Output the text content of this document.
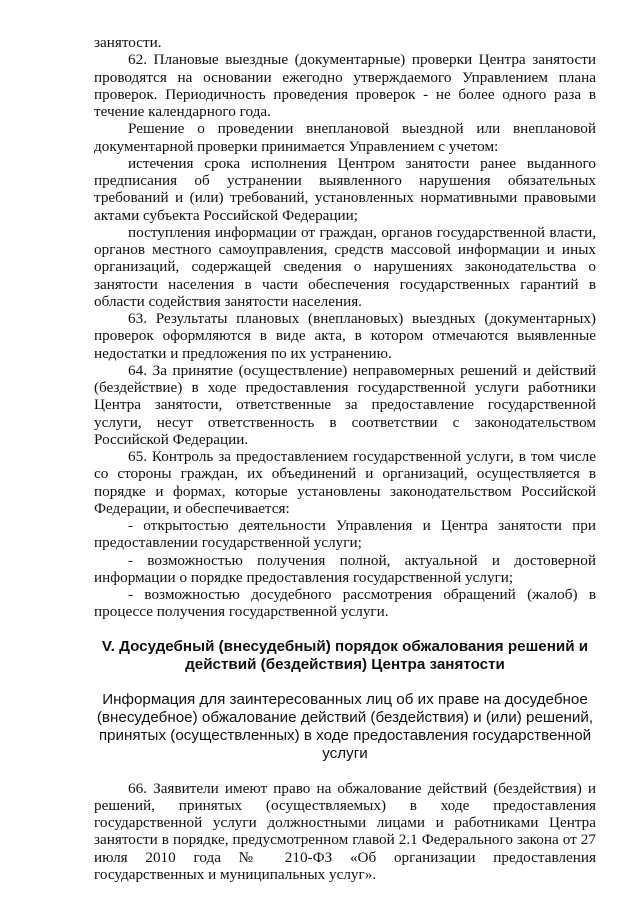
занятости.

62. Плановые выездные (документарные) проверки Центра занятости проводятся на основании ежегодно утверждаемого Управлением плана проверок. Периодичность проведения проверок - не более одного раза в течение календарного года.

Решение о проведении внеплановой выездной или внеплановой документарной проверки принимается Управлением с учетом:

истечения срока исполнения Центром занятости ранее выданного предписания об устранении выявленного нарушения обязательных требований и (или) требований, установленных нормативными правовыми актами субъекта Российской Федерации;

поступления информации от граждан, органов государственной власти, органов местного самоуправления, средств массовой информации и иных организаций, содержащей сведения о нарушениях законодательства о занятости населения в части обеспечения государственных гарантий в области содействия занятости населения.

63. Результаты плановых (внеплановых) выездных (документарных) проверок оформляются в виде акта, в котором отмечаются выявленные недостатки и предложения по их устранению.

64. За принятие (осуществление) неправомерных решений и действий (бездействие) в ходе предоставления государственной услуги работники Центра занятости, ответственные за предоставление государственной услуги, несут ответственность в соответствии с законодательством Российской Федерации.

65. Контроль за предоставлением государственной услуги, в том числе со стороны граждан, их объединений и организаций, осуществляется в порядке и формах, которые установлены законодательством Российской Федерации, и обеспечивается:

- открытостью деятельности Управления и Центра занятости при предоставлении государственной услуги;

- возможностью получения полной, актуальной и достоверной информации о порядке предоставления государственной услуги;

- возможностью досудебного рассмотрения обращений (жалоб) в процессе получения государственной услуги.

V. Досудебный (внесудебный) порядок обжалования решений и действий (бездействия) Центра занятости

Информация для заинтересованных лиц об их праве на досудебное (внесудебное) обжалование действий (бездействия) и (или) решений, принятых (осуществленных) в ходе предоставления государственной услуги

66. Заявители имеют право на обжалование действий (бездействия) и решений, принятых (осуществляемых) в ходе предоставления государственной услуги должностными лицами и работниками Центра занятости в порядке, предусмотренном главой 2.1 Федерального закона от 27 июля 2010 года № 210-ФЗ «Об организации предоставления государственных и муниципальных услуг».
